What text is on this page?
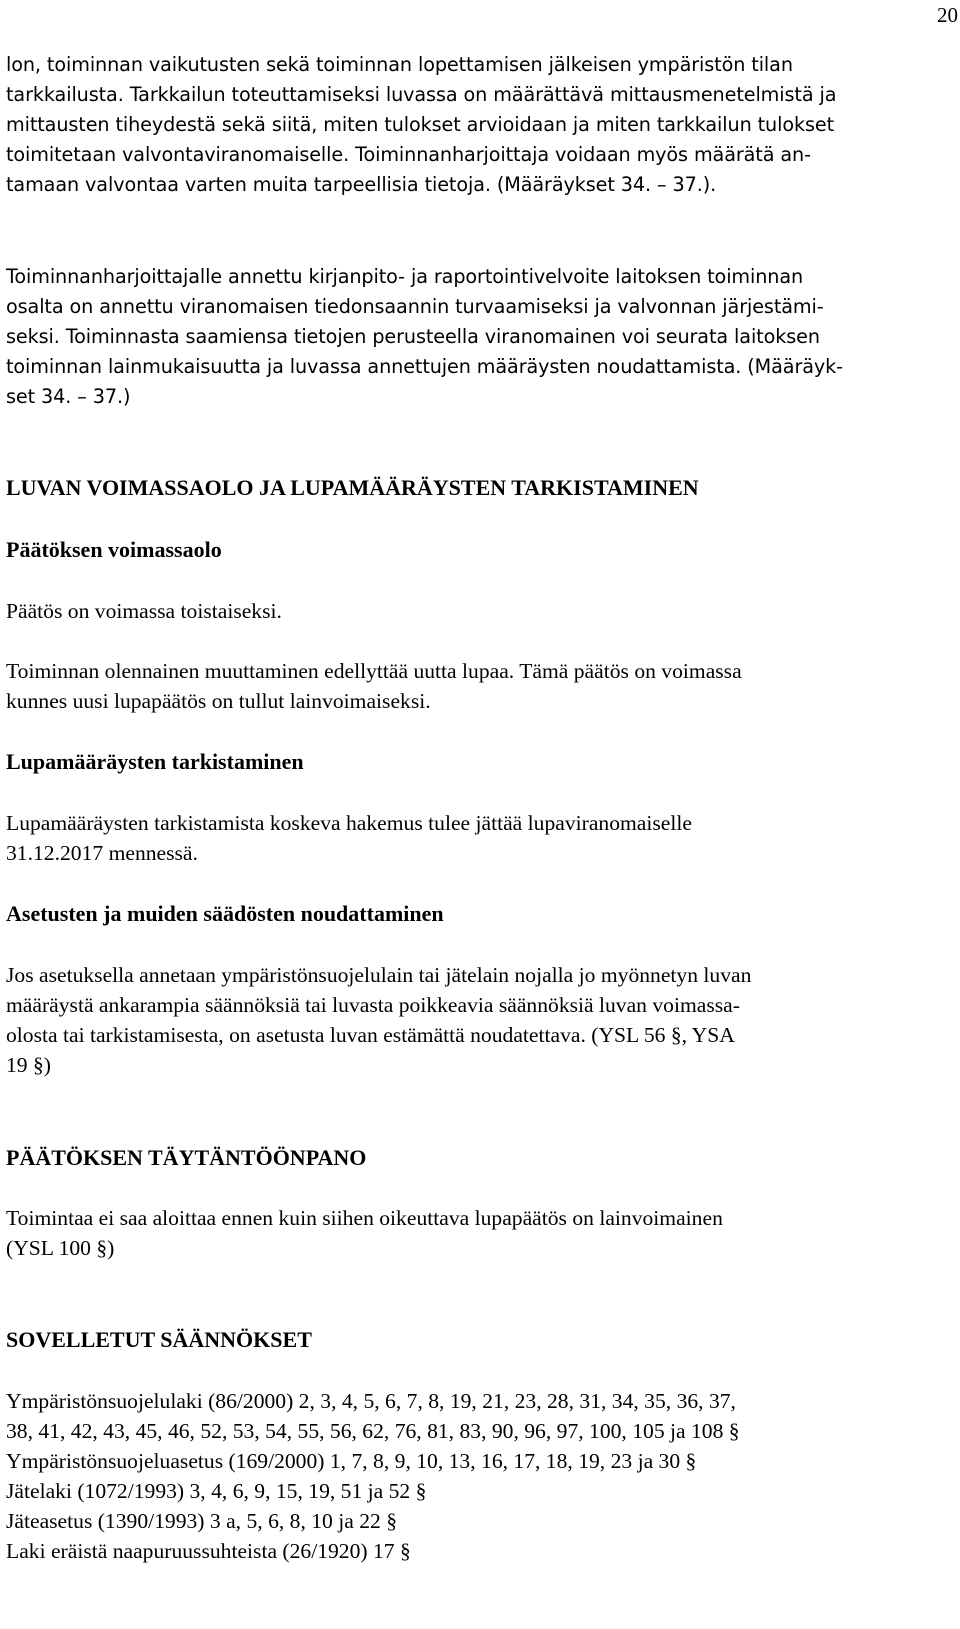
20

lon, toiminnan vaikutusten sekä toiminnan lopettamisen jälkeisen ympäristön tilan
tarkkailusta. Tarkkailun toteuttamiseksi luvassa on määrättävä mittausmenetelmistä ja
mittausten tiheydestä sekä siitä, miten tulokset arvioidaan ja miten tarkkailun tulokset
toimitetaan valvontaviranomaiselle. Toiminnanharjoittaja voidaan myös määrätä an-
tamaan valvontaa varten muita tarpeellisia tietoja. (Määräykset 34. – 37.).

Toiminnanharjoittajalle annettu kirjanpito- ja raportointivelvoite laitoksen toiminnan
osalta on annettu viranomaisen tiedonsaannin turvaamiseksi ja valvonnan järjestämi-
seksi. Toiminnasta saamiensa tietojen perusteella viranomainen voi seurata laitoksen
toiminnan lainmukaisuutta ja luvassa annettujen määräysten noudattamista. (Määräyk-
set 34. – 37.)

LUVAN VOIMASSAOLO JA LUPAMÄÄRÄYSTEN TARKISTAMINEN
Päätöksen voimassaolo

Päätös on voimassa toistaiseksi.

Toiminnan olennainen muuttaminen edellyttää uutta lupaa. Tämä päätös on voimassa
kunnes uusi lupapäätös on tullut lainvoimaiseksi.

Lupamääräysten tarkistaminen

Lupamääräysten tarkistamista koskeva hakemus tulee jättää lupaviranomaiselle
31.12.2017 mennessä.

Asetusten ja muiden säädösten noudattaminen

Jos asetuksella annetaan ympäristönsuojelulain tai jätelain nojalla jo myönnetyn luvan
määräystä ankarampia säännöksiä tai luvasta poikkeavia säännöksiä luvan voimassa-
olosta tai tarkistamisesta, on asetusta luvan estämättä noudatettava. (YSL 56 §, YSA
19 §)

PÄÄTÖKSEN TÄYTÄNTÖÖNPANO

Toimintaa ei saa aloittaa ennen kuin siihen oikeuttava lupapäätös on lainvoimainen
(YSL 100 §)

SOVELLETUT SÄÄNNÖKSET

Ympäristönsuojelulaki (86/2000) 2, 3, 4, 5, 6, 7, 8, 19, 21, 23, 28, 31, 34, 35, 36, 37,
38, 41, 42, 43, 45, 46, 52, 53, 54, 55, 56, 62, 76, 81, 83, 90, 96, 97, 100, 105 ja 108 §
Ympäristönsuojeluasetus (169/2000) 1, 7, 8, 9, 10, 13, 16, 17, 18, 19, 23 ja 30 §
Jätelaki (1072/1993) 3, 4, 6, 9, 15, 19, 51 ja 52 §
Jäteasetus (1390/1993) 3 a, 5, 6, 8, 10 ja 22 §
Laki eräistä naapuruussuhteista (26/1920) 17 §
